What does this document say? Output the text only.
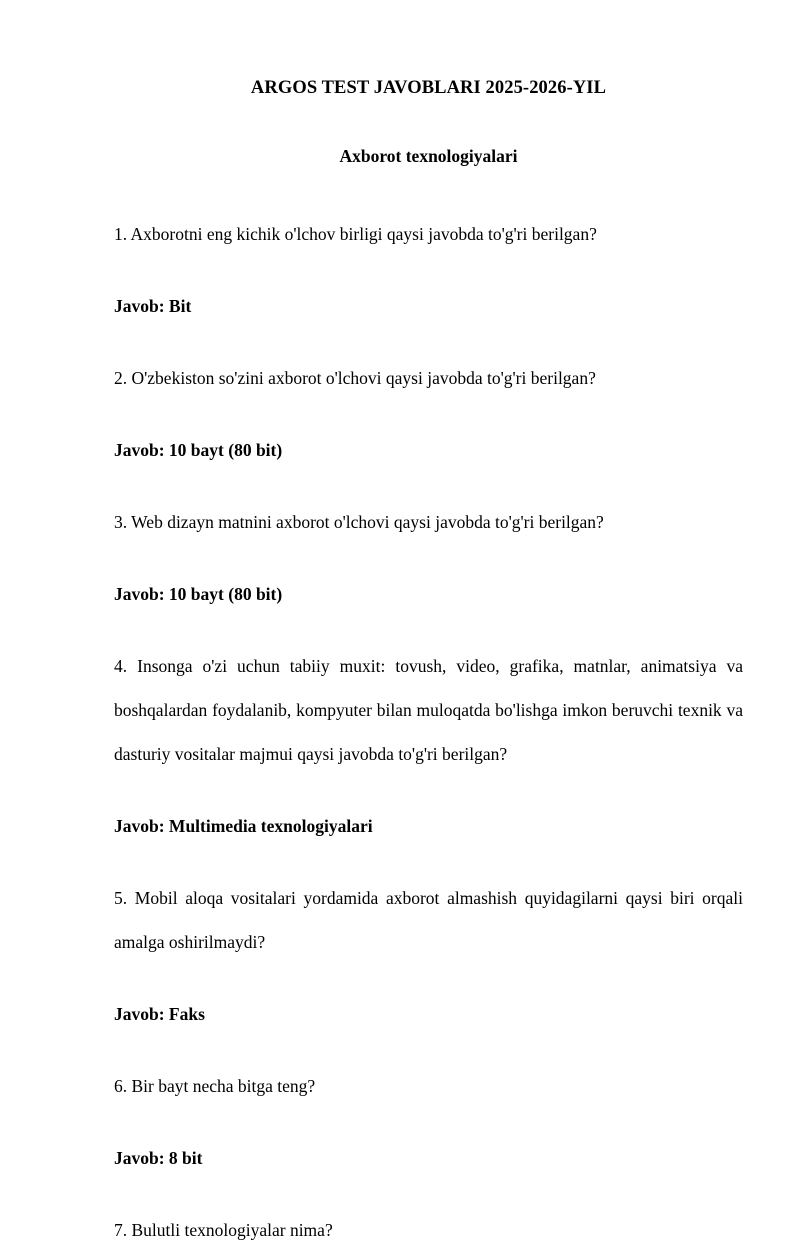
ARGOS TEST JAVOBLARI 2025-2026-YIL
Axborot texnologiyalari

1. Axborotni eng kichik o'lchov birligi qaysi javobda to'g'ri berilgan?

Javob: Bit

2. O'zbekiston so'zini axborot o'lchovi qaysi javobda to'g'ri berilgan?

Javob: 10 bayt (80 bit)

3. Web dizayn matnini axborot o'lchovi qaysi javobda to'g'ri berilgan?

Javob: 10 bayt (80 bit)

4. Insonga o'zi uchun tabiiy muxit: tovush, video, grafika, matnlar, animatsiya va boshqalardan foydalanib, kompyuter bilan muloqatda bo'lishga imkon beruvchi texnik va dasturiy vositalar majmui qaysi javobda to'g'ri berilgan?

Javob: Multimedia texnologiyalari

5. Mobil aloqa vositalari yordamida axborot almashish quyidagilarni qaysi biri orqali amalga oshirilmaydi?

Javob: Faks

6. Bir bayt necha bitga teng?

Javob: 8 bit

7. Bulutli texnologiyalar nima?
